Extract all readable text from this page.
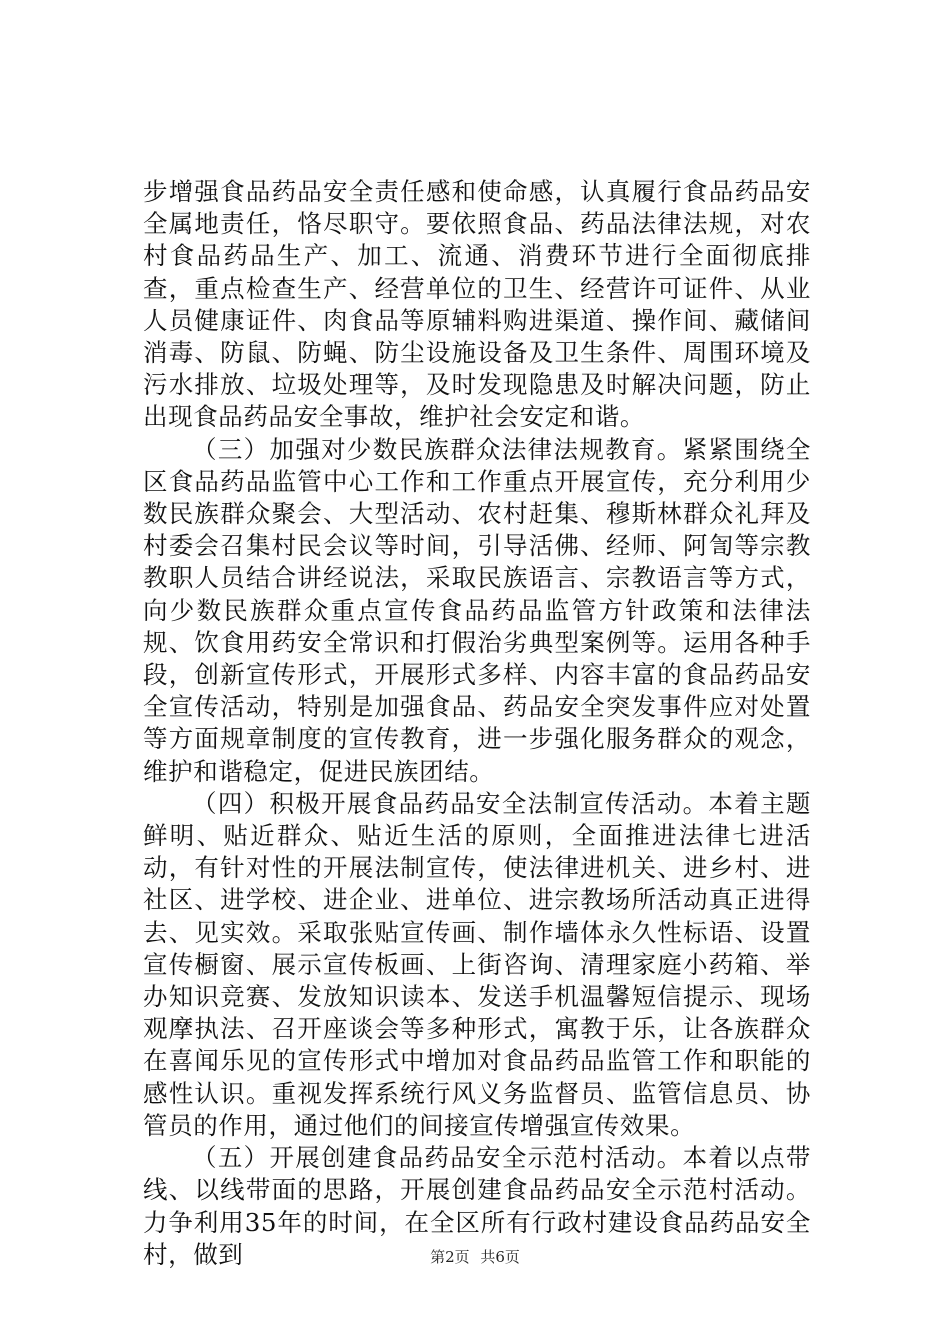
步增强食品药品安全责任感和使命感，认真履行食品药品安全属地责任，恪尽职守。要依照食品、药品法律法规，对农村食品药品生产、加工、流通、消费环节进行全面彻底排查，重点检查生产、经营单位的卫生、经营许可证件、从业人员健康证件、肉食品等原辅料购进渠道、操作间、藏储间消毒、防鼠、防蝇、防尘设施设备及卫生条件、周围环境及污水排放、垃圾处理等，及时发现隐患及时解决问题，防止出现食品药品安全事故，维护社会安定和谐。

（三）加强对少数民族群众法律法规教育。紧紧围绕全区食品药品监管中心工作和工作重点开展宣传，充分利用少数民族群众聚会、大型活动、农村赶集、穆斯林群众礼拜及村委会召集村民会议等时间，引导活佛、经师、阿訇等宗教教职人员结合讲经说法，采取民族语言、宗教语言等方式，向少数民族群众重点宣传食品药品监管方针政策和法律法规、饮食用药安全常识和打假治劣典型案例等。运用各种手段，创新宣传形式，开展形式多样、内容丰富的食品药品安全宣传活动，特别是加强食品、药品安全突发事件应对处置等方面规章制度的宣传教育，进一步强化服务群众的观念，维护和谐稳定，促进民族团结。

（四）积极开展食品药品安全法制宣传活动。本着主题鲜明、贴近群众、贴近生活的原则，全面推进法律七进活动，有针对性的开展法制宣传，使法律进机关、进乡村、进社区、进学校、进企业、进单位、进宗教场所活动真正进得去、见实效。采取张贴宣传画、制作墙体永久性标语、设置宣传橱窗、展示宣传板画、上街咨询、清理家庭小药箱、举办知识竞赛、发放知识读本、发送手机温馨短信提示、现场观摩执法、召开座谈会等多种形式，寓教于乐，让各族群众在喜闻乐见的宣传形式中增加对食品药品监管工作和职能的感性认识。重视发挥系统行风义务监督员、监管信息员、协管员的作用，通过他们的间接宣传增强宣传效果。

（五）开展创建食品药品安全示范村活动。本着以点带线、以线带面的思路，开展创建食品药品安全示范村活动。力争利用35年的时间，在全区所有行政村建设食品药品安全村，做到	第2页 共6页
